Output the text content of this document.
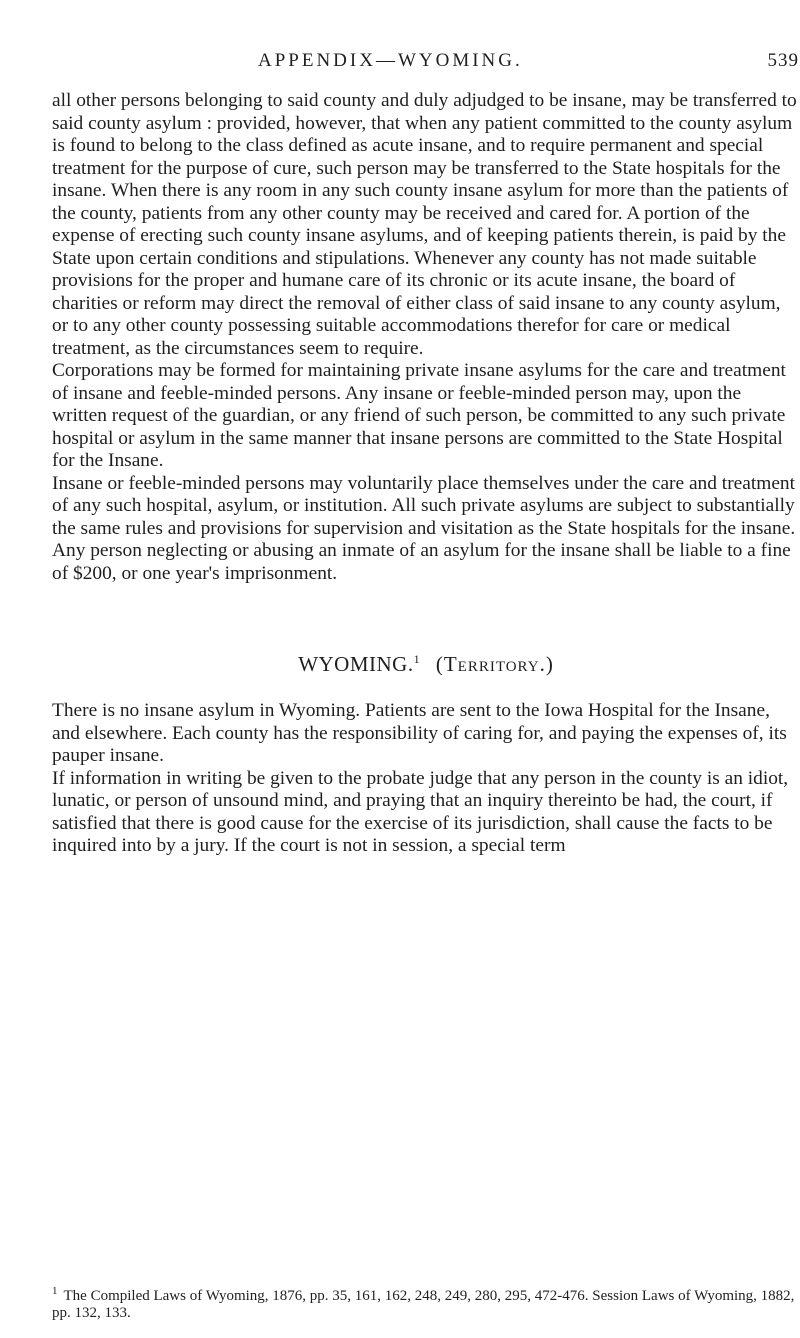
APPENDIX—WYOMING.	539

all other persons belonging to said county and duly adjudged to be insane, may be transferred to said county asylum : provided, however, that when any patient committed to the county asylum is found to belong to the class defined as acute insane, and to require permanent and special treatment for the purpose of cure, such person may be transferred to the State hospitals for the insane. When there is any room in any such county insane asylum for more than the patients of the county, patients from any other county may be received and cared for. A portion of the expense of erecting such county insane asylums, and of keeping patients therein, is paid by the State upon certain conditions and stipulations. Whenever any county has not made suitable provisions for the proper and humane care of its chronic or its acute insane, the board of charities or reform may direct the removal of either class of said insane to any county asylum, or to any other county possessing suitable accommodations therefor for care or medical treatment, as the circumstances seem to require.

Corporations may be formed for maintaining private insane asylums for the care and treatment of insane and feeble-minded persons. Any insane or feeble-minded person may, upon the written request of the guardian, or any friend of such person, be committed to any such private hospital or asylum in the same manner that insane persons are committed to the State Hospital for the Insane.

Insane or feeble-minded persons may voluntarily place themselves under the care and treatment of any such hospital, asylum, or institution. All such private asylums are subject to substantially the same rules and provisions for supervision and visitation as the State hospitals for the insane.

Any person neglecting or abusing an inmate of an asylum for the insane shall be liable to a fine of $200, or one year's imprisonment.

WYOMING.$^1$ (Territory.)

There is no insane asylum in Wyoming. Patients are sent to the Iowa Hospital for the Insane, and elsewhere. Each county has the responsibility of caring for, and paying the expenses of, its pauper insane.

If information in writing be given to the probate judge that any person in the county is an idiot, lunatic, or person of unsound mind, and praying that an inquiry thereinto be had, the court, if satisfied that there is good cause for the exercise of its jurisdiction, shall cause the facts to be inquired into by a jury. If the court is not in session, a special term

$^1$ The Compiled Laws of Wyoming, 1876, pp. 35, 161, 162, 248, 249, 280, 295, 472-476. Session Laws of Wyoming, 1882, pp. 132, 133.
